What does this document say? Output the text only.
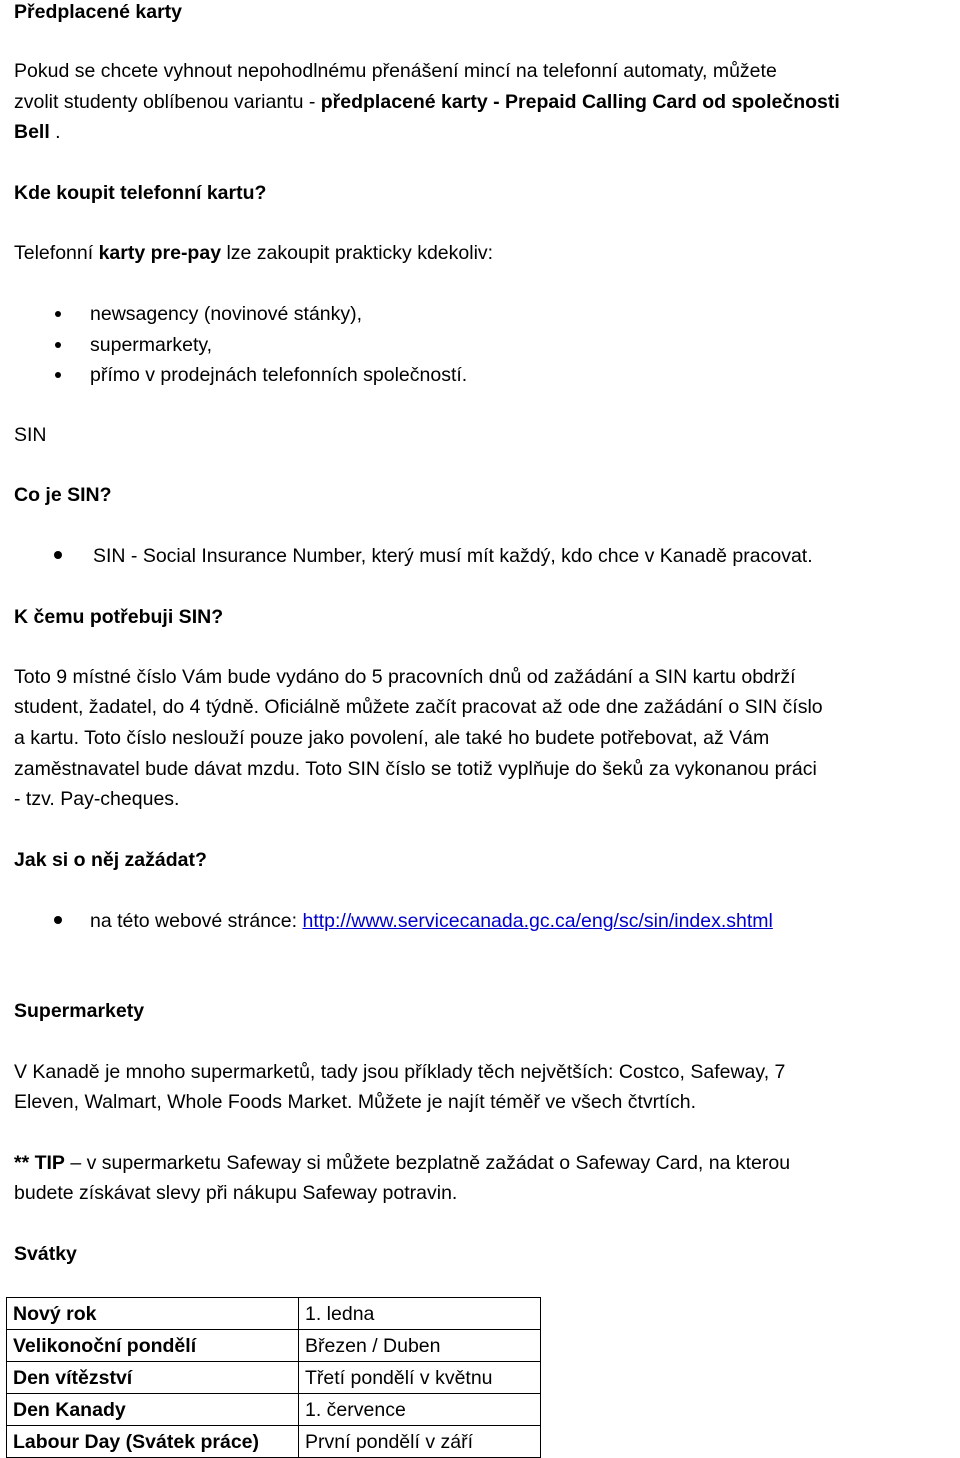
Předplacené karty
Pokud se chcete vyhnout nepohodlnému přenášení mincí na telefonní automaty, můžete
zvolit studenty oblíbenou variantu - předplacené karty - Prepaid Calling Card od společnosti
Bell .
Kde koupit telefonní kartu?
Telefonní karty pre-pay lze zakoupit prakticky kdekoliv:
newsagency (novinové stánky),
supermarkety,
přímo v prodejnách telefonních společností.
SIN
Co je SIN?
SIN - Social Insurance Number, který musí mít každý, kdo chce v Kanadě pracovat.
K čemu potřebuji SIN?
Toto 9 místné číslo Vám bude vydáno do 5 pracovních dnů od zažádání a SIN kartu obdrží
student, žadatel, do 4 týdně. Oficiálně můžete začít pracovat až ode dne zažádání o SIN číslo
a kartu. Toto číslo neslouží pouze jako povolení, ale také ho budete potřebovat, až Vám
zaměstnavatel bude dávat mzdu. Toto SIN číslo se totiž vyplňuje do šeků za vykonanou práci
- tzv. Pay-cheques.
Jak si o něj zažádat?
na této webové stránce: http://www.servicecanada.gc.ca/eng/sc/sin/index.shtml
Supermarkety
V Kanadě je mnoho supermarketů, tady jsou příklady těch největších: Costco, Safeway, 7
Eleven, Walmart, Whole Foods Market. Můžete je najít téměř ve všech čtvrtích.
** TIP – v supermarketu Safeway si můžete bezplatně zažádat o Safeway Card, na kterou
budete získávat slevy při nákupu Safeway potravin.
Svátky
Nový rok	1. ledna
Velikonoční pondělí	Březen / Duben
Den vítězství	Třetí pondělí v květnu
Den Kanady	1. července
Labour Day (Svátek práce)	První pondělí v září
